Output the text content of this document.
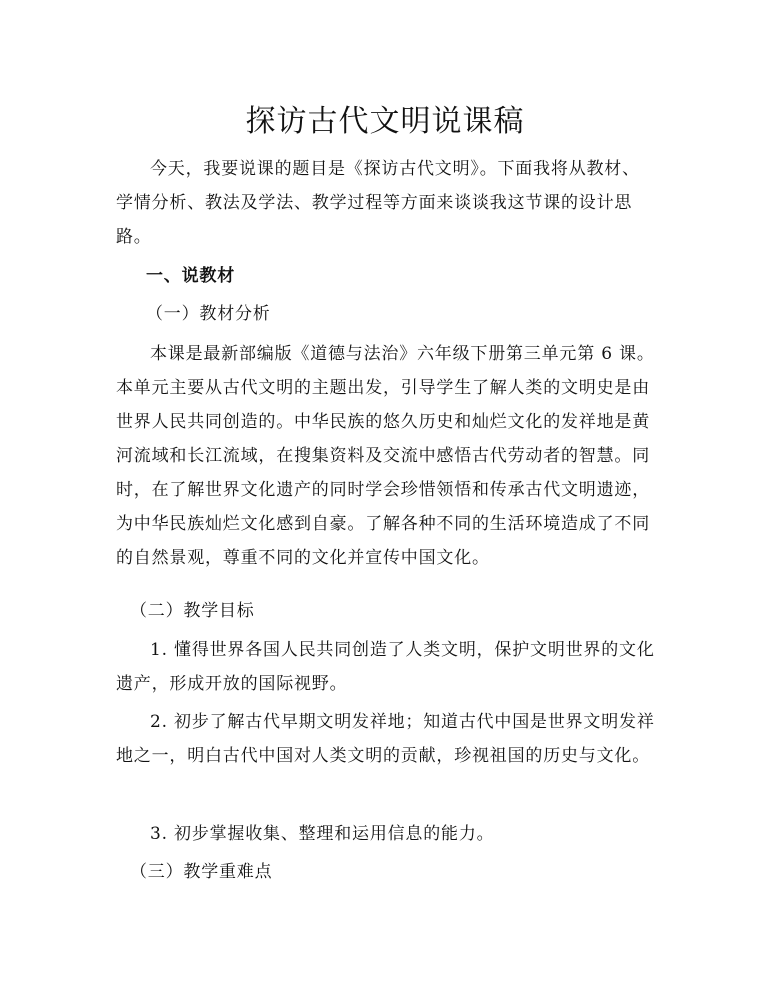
探访古代文明说课稿

今天，我要说课的题目是《探访古代文明》。下面我将从教材、学情分析、教法及学法、教学过程等方面来谈谈我这节课的设计思路。

一、说教材

（一）教材分析

本课是最新部编版《道德与法治》六年级下册第三单元第 6 课。本单元主要从古代文明的主题出发，引导学生了解人类的文明史是由世界人民共同创造的。中华民族的悠久历史和灿烂文化的发祥地是黄河流域和长江流域，在搜集资料及交流中感悟古代劳动者的智慧。同时，在了解世界文化遗产的同时学会珍惜领悟和传承古代文明遗迹，为中华民族灿烂文化感到自豪。了解各种不同的生活环境造成了不同的自然景观，尊重不同的文化并宣传中国文化。

（二）教学目标

1. 懂得世界各国人民共同创造了人类文明，保护文明世界的文化遗产，形成开放的国际视野。

2. 初步了解古代早期文明发祥地；知道古代中国是世界文明发祥地之一，明白古代中国对人类文明的贡献，珍视祖国的历史与文化。

3. 初步掌握收集、整理和运用信息的能力。

（三）教学重难点
